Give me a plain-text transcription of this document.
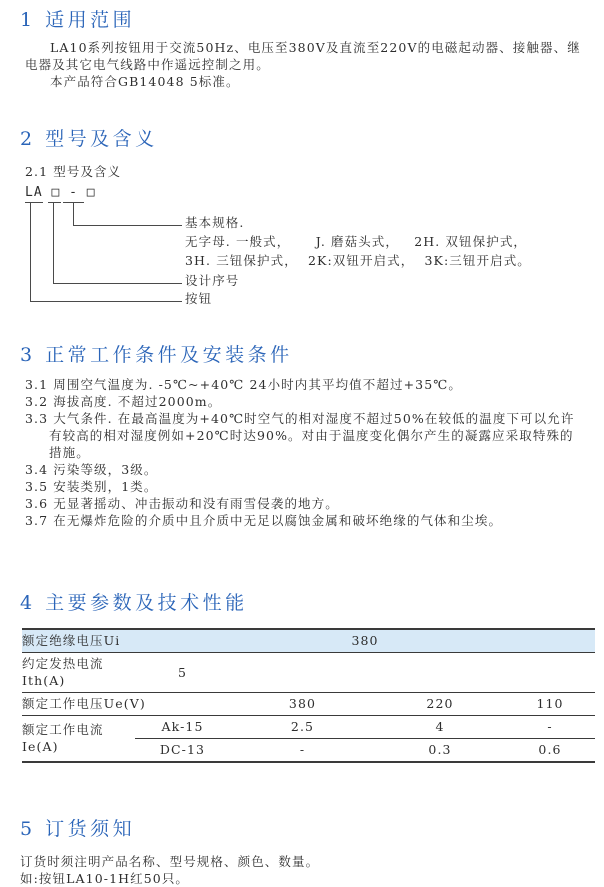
1 适用范围

LA10系列按钮用于交流50Hz、电压至380V及直流至220V的电磁起动器、接触器、继电器及其它电气线路中作遥远控制之用。

本产品符合GB14048 5标准。

2 型号及含义

2.1 型号及含义

LA □ - □

基本规格.
无字母. 一般式，     J. 磨菇头式，   2H. 双钮保护式，
3H. 三钮保护式，  2K:双钮开启式，  3K:三钮开启式。
设计序号
按钮
3 正常工作条件及安装条件

3.1 周围空气温度为. -5℃~+40℃ 24小时内其平均值不超过+35℃。

3.2 海拔高度. 不超过2000m。

3.3 大气条件. 在最高温度为+40℃时空气的相对湿度不超过50%在较低的温度下可以允许有较高的相对湿度例如+20℃时达90%。对由于温度变化偶尔产生的凝露应采取特殊的措施。

3.4 污染等级，3级。

3.5 安装类别，1类。

3.6 无显著摇动、冲击振动和没有雨雪侵袭的地方。

3.7 在无爆炸危险的介质中且介质中无足以腐蚀金属和破坏绝缘的气体和尘埃。

4 主要参数及技术性能
额定绝缘电压Ui	380			
约定发热电流Ith(A)	5			
额定工作电压Ue(V)		380	220	110
额定工作电流Ie(A)	Ak-15	2.5	4	-
	DC-13	-	0.3	0.6
5 订货须知

订货时须注明产品名称、型号规格、颜色、数量。

如:按钮LA10-1H红50只。
